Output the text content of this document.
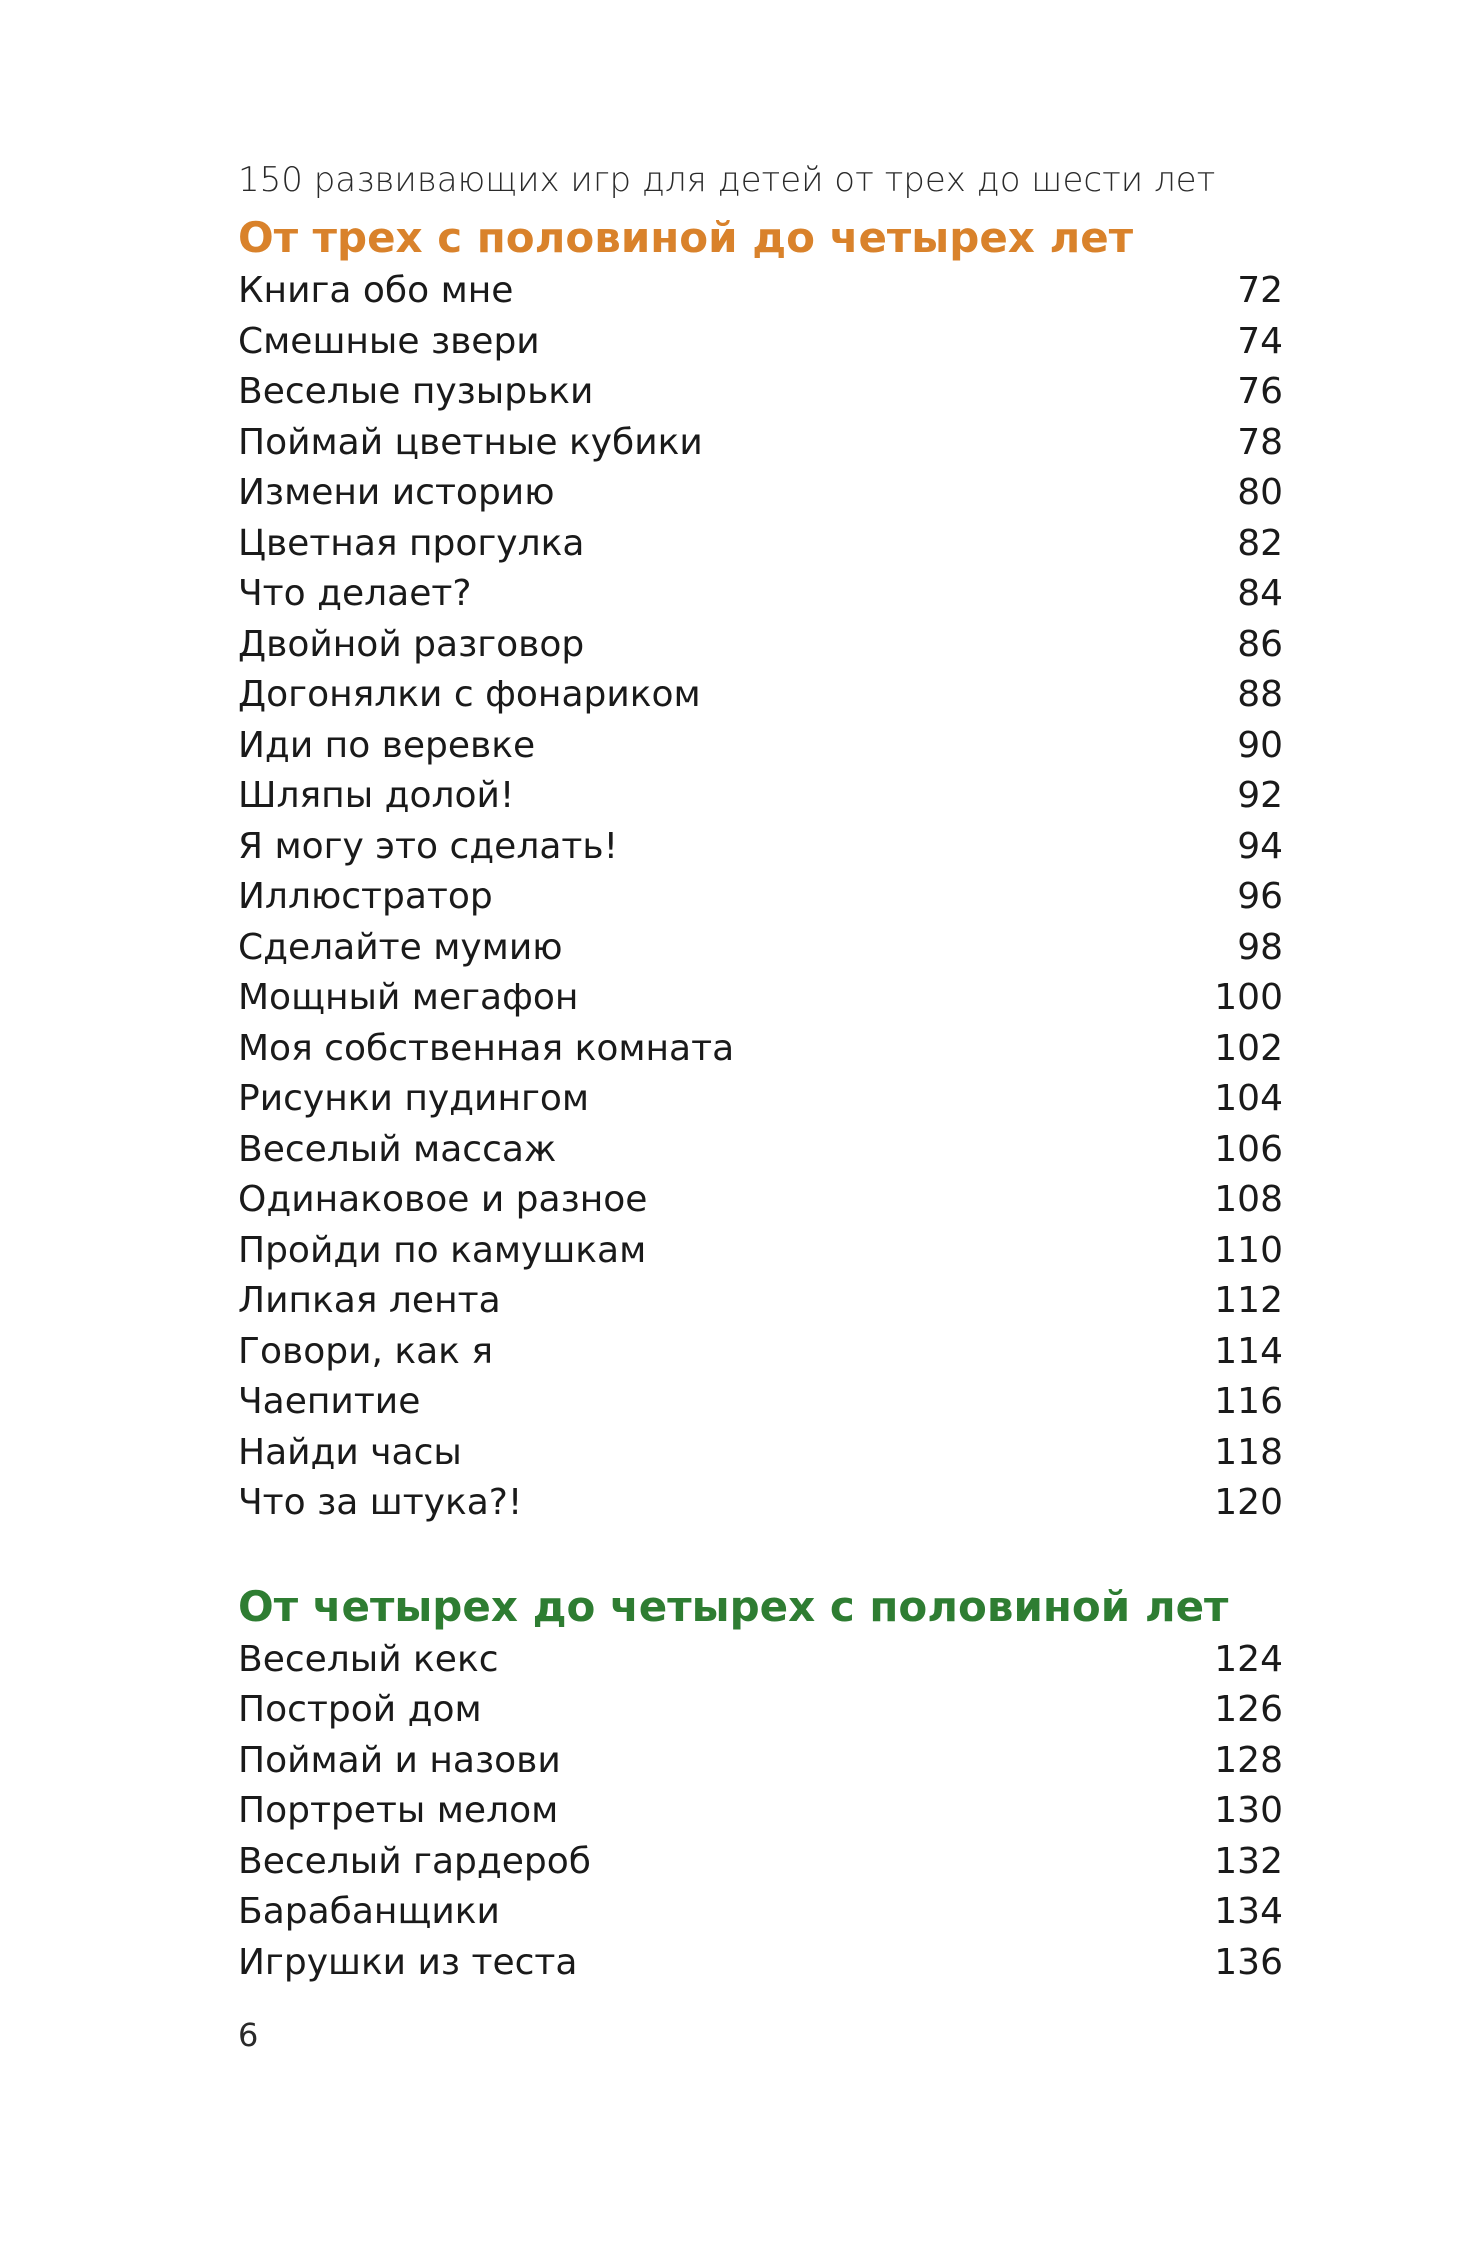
150 развивающих игр для детей от трех до шести лет
От трех с половиной до четырех лет
Книга обо мне	72
Смешные звери	74
Веселые пузырьки	76
Поймай цветные кубики	78
Измени историю	80
Цветная прогулка	82
Что делает?	84
Двойной разговор	86
Догонялки с фонариком	88
Иди по веревке	90
Шляпы долой!	92
Я могу это сделать!	94
Иллюстратор	96
Сделайте мумию	98
Мощный мегафон	100
Моя собственная комната	102
Рисунки пудингом	104
Веселый массаж	106
Одинаковое и разное	108
Пройди по камушкам	110
Липкая лента	112
Говори, как я	114
Чаепитие	116
Найди часы	118
Что за штука?!	120
От четырех до четырех с половиной лет
Веселый кекс	124
Построй дом	126
Поймай и назови	128
Портреты мелом	130
Веселый гардероб	132
Барабанщики	134
Игрушки из теста	136
6
